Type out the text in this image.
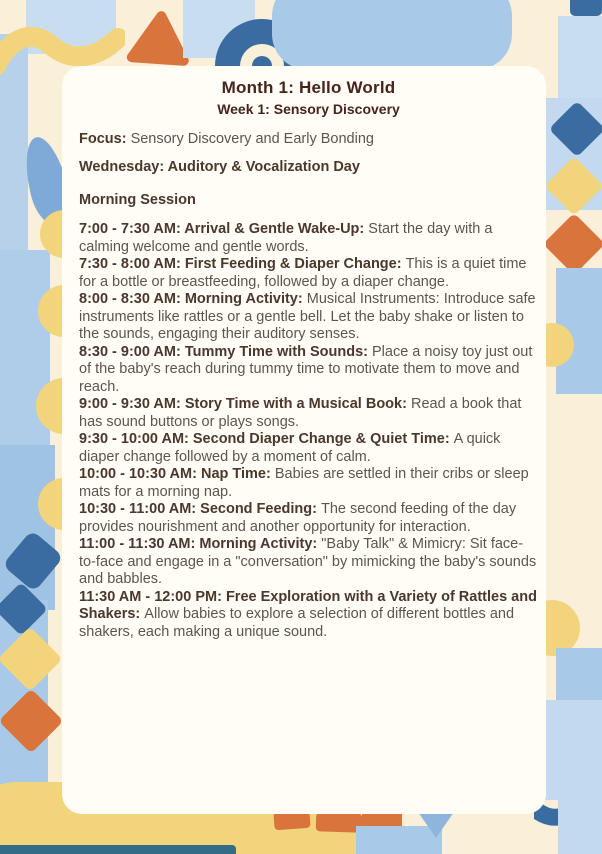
Month 1: Hello World
Week 1: Sensory Discovery

Focus: Sensory Discovery and Early Bonding

Wednesday: Auditory & Vocalization Day
Morning Session

7:00 - 7:30 AM: Arrival & Gentle Wake-Up: Start the day with a calming welcome and gentle words.

7:30 - 8:00 AM: First Feeding & Diaper Change: This is a quiet time for a bottle or breastfeeding, followed by a diaper change.

8:00 - 8:30 AM: Morning Activity: Musical Instruments: Introduce safe instruments like rattles or a gentle bell. Let the baby shake or listen to the sounds, engaging their auditory senses.

8:30 - 9:00 AM: Tummy Time with Sounds: Place a noisy toy just out of the baby's reach during tummy time to motivate them to move and reach.

9:00 - 9:30 AM: Story Time with a Musical Book: Read a book that has sound buttons or plays songs.

9:30 - 10:00 AM: Second Diaper Change & Quiet Time: A quick diaper change followed by a moment of calm.

10:00 - 10:30 AM: Nap Time: Babies are settled in their cribs or sleep mats for a morning nap.

10:30 - 11:00 AM: Second Feeding: The second feeding of the day provides nourishment and another opportunity for interaction.

11:00 - 11:30 AM: Morning Activity: "Baby Talk" & Mimicry: Sit face-to-face and engage in a "conversation" by mimicking the baby's sounds and babbles.

11:30 AM - 12:00 PM: Free Exploration with a Variety of Rattles and Shakers: Allow babies to explore a selection of different bottles and shakers, each making a unique sound.
